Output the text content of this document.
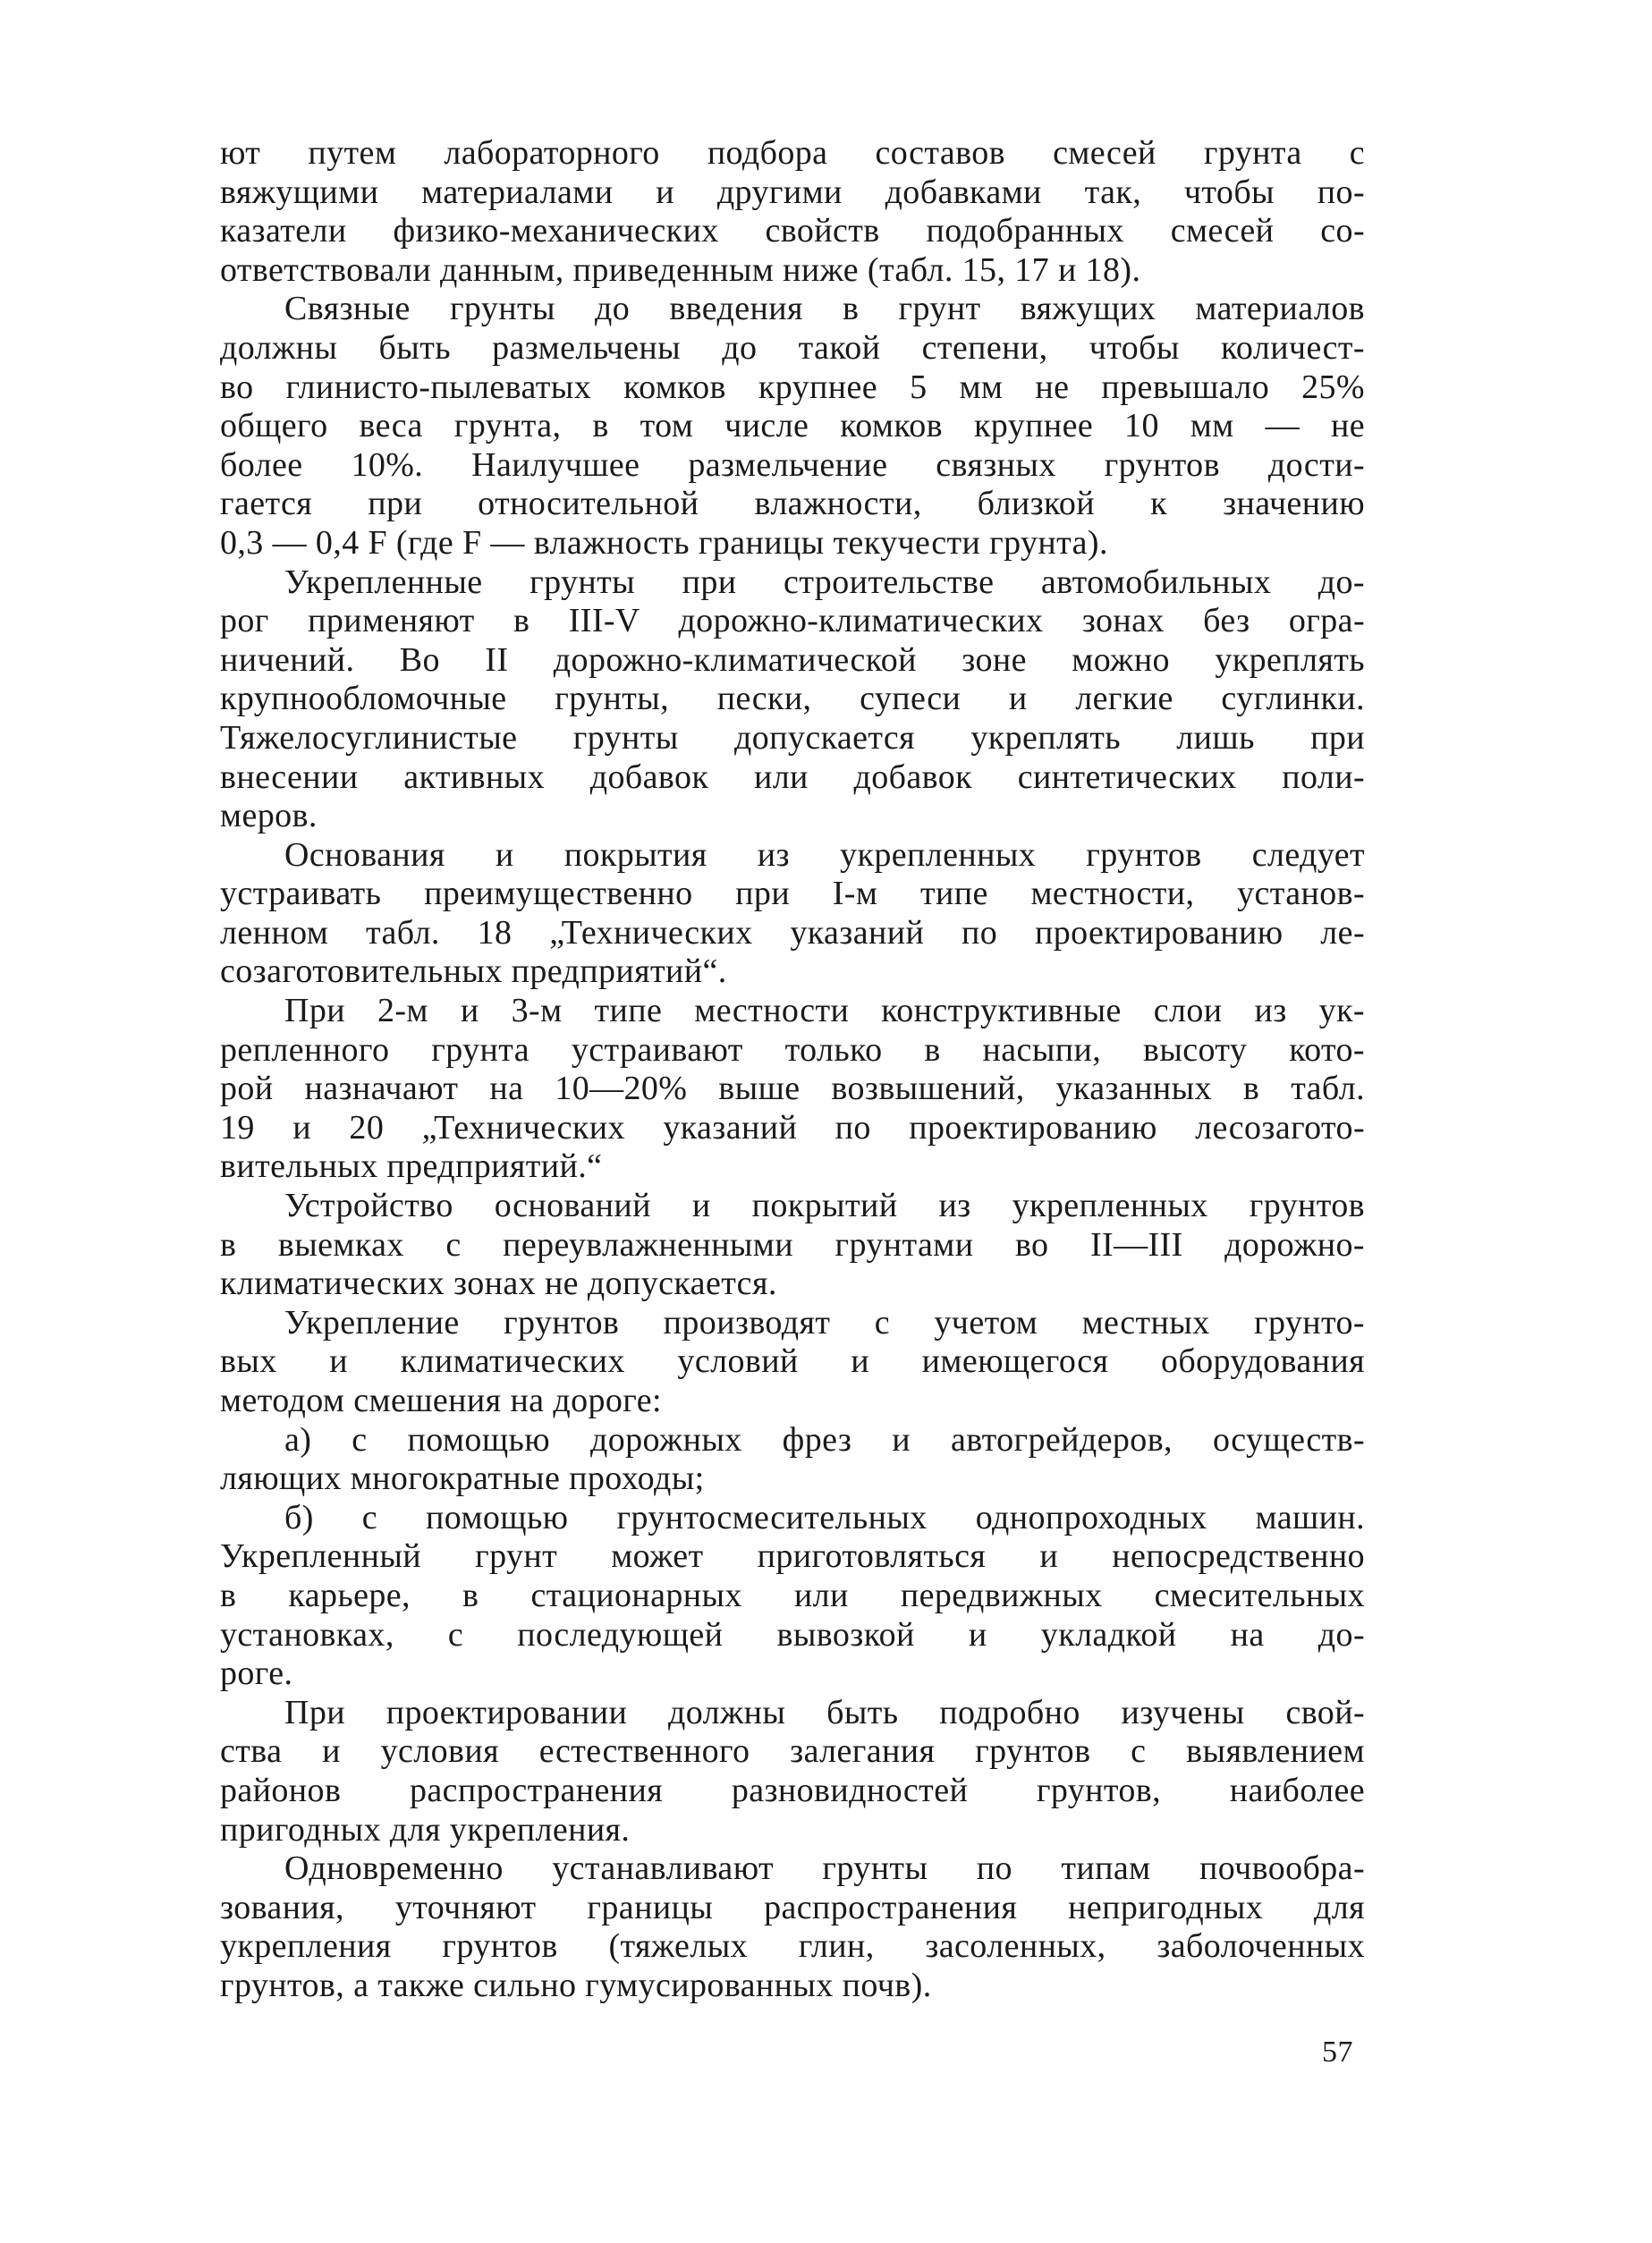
ют путем лабораторного подбора составов смесей грунта с
вяжущими материалами и другими добавками так, чтобы по-
казатели физико-механических свойств подобранных смесей со-
ответствовали данным, приведенным ниже (табл. 15, 17 и 18).
Связные грунты до введения в грунт вяжущих материалов
должны быть размельчены до такой степени, чтобы количест-
во глинисто-пылеватых комков крупнее 5 мм не превышало 25%
общего веса грунта, в том числе комков крупнее 10 мм — не
более 10%. Наилучшее размельчение связных грунтов дости-
гается при относительной влажности, близкой к значению
0,3 — 0,4 F (где F — влажность границы текучести грунта).
Укрепленные грунты при строительстве автомобильных до-
рог применяют в III-V дорожно-климатических зонах без огра-
ничений. Во II дорожно-климатической зоне можно укреплять
крупнообломочные грунты, пески, супеси и легкие суглинки.
Тяжелосуглинистые грунты допускается укреплять лишь при
внесении активных добавок или добавок синтетических поли-
меров.
Основания и покрытия из укрепленных грунтов следует
устраивать преимущественно при I-м типе местности, установ-
ленном табл. 18 „Технических указаний по проектированию ле-
созаготовительных предприятий“.
При 2-м и 3-м типе местности конструктивные слои из ук-
репленного грунта устраивают только в насыпи, высоту кото-
рой назначают на 10—20% выше возвышений, указанных в табл.
19 и 20 „Технических указаний по проектированию лесозагото-
вительных предприятий.“
Устройство оснований и покрытий из укрепленных грунтов
в выемках с переувлажненными грунтами во II—III дорожно-
климатических зонах не допускается.
Укрепление грунтов производят с учетом местных грунто-
вых и климатических условий и имеющегося оборудования
методом смешения на дороге:
а) с помощью дорожных фрез и автогрейдеров, осуществ-
ляющих многократные проходы;
б) с помощью грунтосмесительных однопроходных машин.
Укрепленный грунт может приготовляться и непосредственно
в карьере, в стационарных или передвижных смесительных
установках, с последующей вывозкой и укладкой на до-
роге.
При проектировании должны быть подробно изучены свой-
ства и условия естественного залегания грунтов с выявлением
районов распространения разновидностей грунтов, наиболее
пригодных для укрепления.
Одновременно устанавливают грунты по типам почвообра-
зования, уточняют границы распространения непригодных для
укрепления грунтов (тяжелых глин, засоленных, заболоченных
грунтов, а также сильно гумусированных почв).
57
